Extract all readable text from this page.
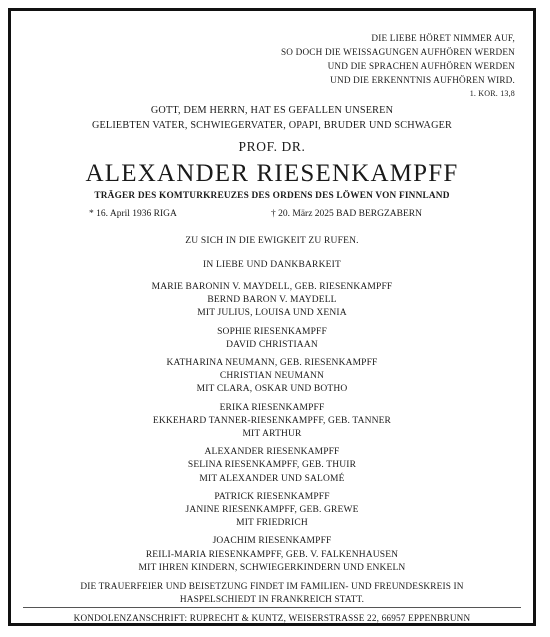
DIE LIEBE HÖRET NIMMER AUF,
SO DOCH DIE WEISSAGUNGEN AUFHÖREN WERDEN
UND DIE SPRACHEN AUFHÖREN WERDEN
UND DIE ERKENNTNIS AUFHÖREN WIRD.
1. KOR. 13,8
GOTT, DEM HERRN, HAT ES GEFALLEN UNSEREN
GELIEBTEN VATER, SCHWIEGERVATER, OPAPI, BRUDER UND SCHWAGER
PROF. DR.
ALEXANDER RIESENKAMPFF
TRÄGER DES KOMTURKREUZES DES ORDENS DES LÖWEN VON FINNLAND
* 16. April 1936 RIGA	† 20. März 2025 BAD BERGZABERN
ZU SICH IN DIE EWIGKEIT ZU RUFEN.
IN LIEBE UND DANKBARKEIT
MARIE BARONIN V. MAYDELL, GEB. RIESENKAMPFF
BERND BARON V. MAYDELL
MIT JULIUS, LOUISA UND XENIA
SOPHIE RIESENKAMPFF
DAVID CHRISTIAAN
KATHARINA NEUMANN, GEB. RIESENKAMPFF
CHRISTIAN NEUMANN
MIT CLARA, OSKAR UND BOTHO
ERIKA RIESENKAMPFF
EKKEHARD TANNER-RIESENKAMPFF, GEB. TANNER
MIT ARTHUR
ALEXANDER RIESENKAMPFF
SELINA RIESENKAMPFF, GEB. THUIR
MIT ALEXANDER UND SALOMÉ
PATRICK RIESENKAMPFF
JANINE RIESENKAMPFF, GEB. GREWE
MIT FRIEDRICH
JOACHIM RIESENKAMPFF
REILI-MARIA RIESENKAMPFF, GEB. V. FALKENHAUSEN
MIT IHREN KINDERN, SCHWIEGERKINDERN UND ENKELN
DIE TRAUERFEIER UND BEISETZUNG FINDET IM FAMILIEN- UND FREUNDESKREIS IN
HASPELSCHIEDT IN FRANKREICH STATT.
KONDOLENZANSCHRIFT: RUPRECHT & KUNTZ, WEISERSTRASSE 22, 66957 EPPENBRUNN
